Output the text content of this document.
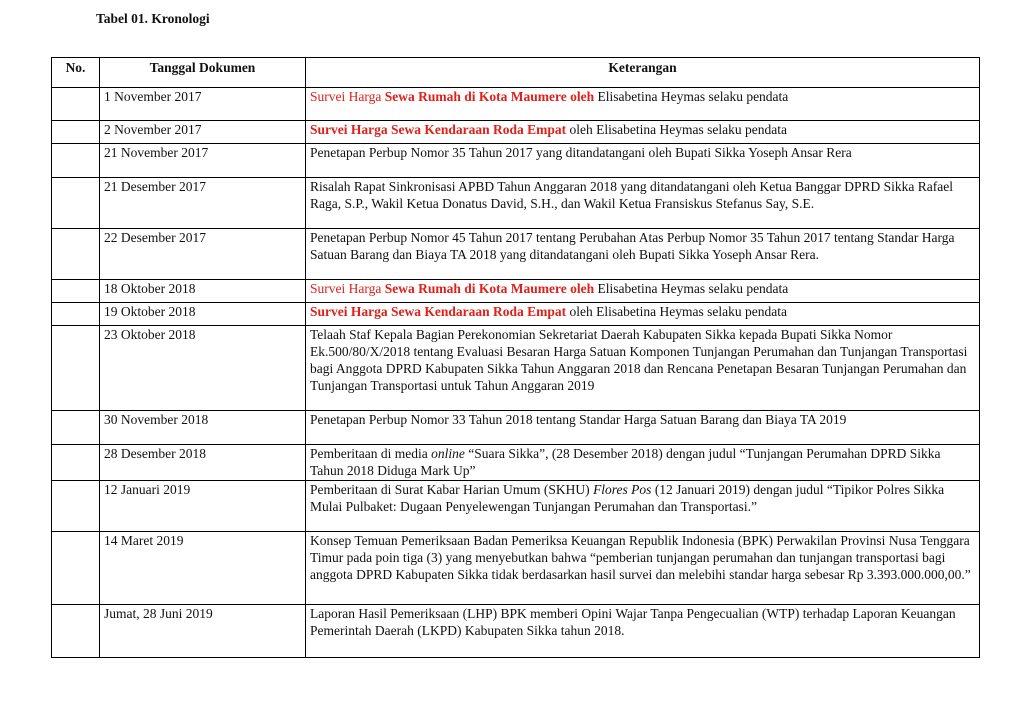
Tabel 01. Kronologi
No.	Tanggal Dokumen	Keterangan
	1 November 2017	Survei Harga Sewa Rumah di Kota Maumere oleh Elisabetina Heymas selaku pendata
	2 November 2017	Survei Harga Sewa Kendaraan Roda Empat oleh Elisabetina Heymas selaku pendata
	21 November 2017	Penetapan Perbup Nomor 35 Tahun 2017 yang ditandatangani oleh Bupati Sikka Yoseph Ansar Rera
	21 Desember 2017	Risalah Rapat Sinkronisasi APBD Tahun Anggaran 2018 yang ditandatangani oleh Ketua Banggar DPRD Sikka Rafael Raga, S.P., Wakil Ketua Donatus David, S.H., dan Wakil Ketua Fransiskus Stefanus Say, S.E.
	22 Desember 2017	Penetapan Perbup Nomor 45 Tahun 2017 tentang Perubahan Atas Perbup Nomor 35 Tahun 2017 tentang Standar Harga Satuan Barang dan Biaya TA 2018 yang ditandatangani oleh Bupati Sikka Yoseph Ansar Rera.
	18 Oktober 2018	Survei Harga Sewa Rumah di Kota Maumere oleh Elisabetina Heymas selaku pendata
	19 Oktober 2018	Survei Harga Sewa Kendaraan Roda Empat oleh Elisabetina Heymas selaku pendata
	23 Oktober 2018	Telaah Staf Kepala Bagian Perekonomian Sekretariat Daerah Kabupaten Sikka kepada Bupati Sikka Nomor Ek.500/80/X/2018 tentang Evaluasi Besaran Harga Satuan Komponen Tunjangan Perumahan dan Tunjangan Transportasi bagi Anggota DPRD Kabupaten Sikka Tahun Anggaran 2018 dan Rencana Penetapan Besaran Tunjangan Perumahan dan Tunjangan Transportasi untuk Tahun Anggaran 2019
	30 November 2018	Penetapan Perbup Nomor 33 Tahun 2018 tentang Standar Harga Satuan Barang dan Biaya TA 2019
	28 Desember 2018	Pemberitaan di media online “Suara Sikka”, (28 Desember 2018) dengan judul “Tunjangan Perumahan DPRD Sikka Tahun 2018 Diduga Mark Up”
	12 Januari 2019	Pemberitaan di Surat Kabar Harian Umum (SKHU) Flores Pos (12 Januari 2019) dengan judul “Tipikor Polres Sikka Mulai Pulbaket: Dugaan Penyelewengan Tunjangan Perumahan dan Transportasi.”
	14 Maret 2019	Konsep Temuan Pemeriksaan Badan Pemeriksa Keuangan Republik Indonesia (BPK) Perwakilan Provinsi Nusa Tenggara Timur pada poin tiga (3) yang menyebutkan bahwa “pemberian tunjangan perumahan dan tunjangan transportasi bagi anggota DPRD Kabupaten Sikka tidak berdasarkan hasil survei dan melebihi standar harga sebesar Rp 3.393.000.000,00.”
	Jumat, 28 Juni 2019	Laporan Hasil Pemeriksaan (LHP) BPK memberi Opini Wajar Tanpa Pengecualian (WTP) terhadap Laporan Keuangan Pemerintah Daerah (LKPD) Kabupaten Sikka tahun 2018.
